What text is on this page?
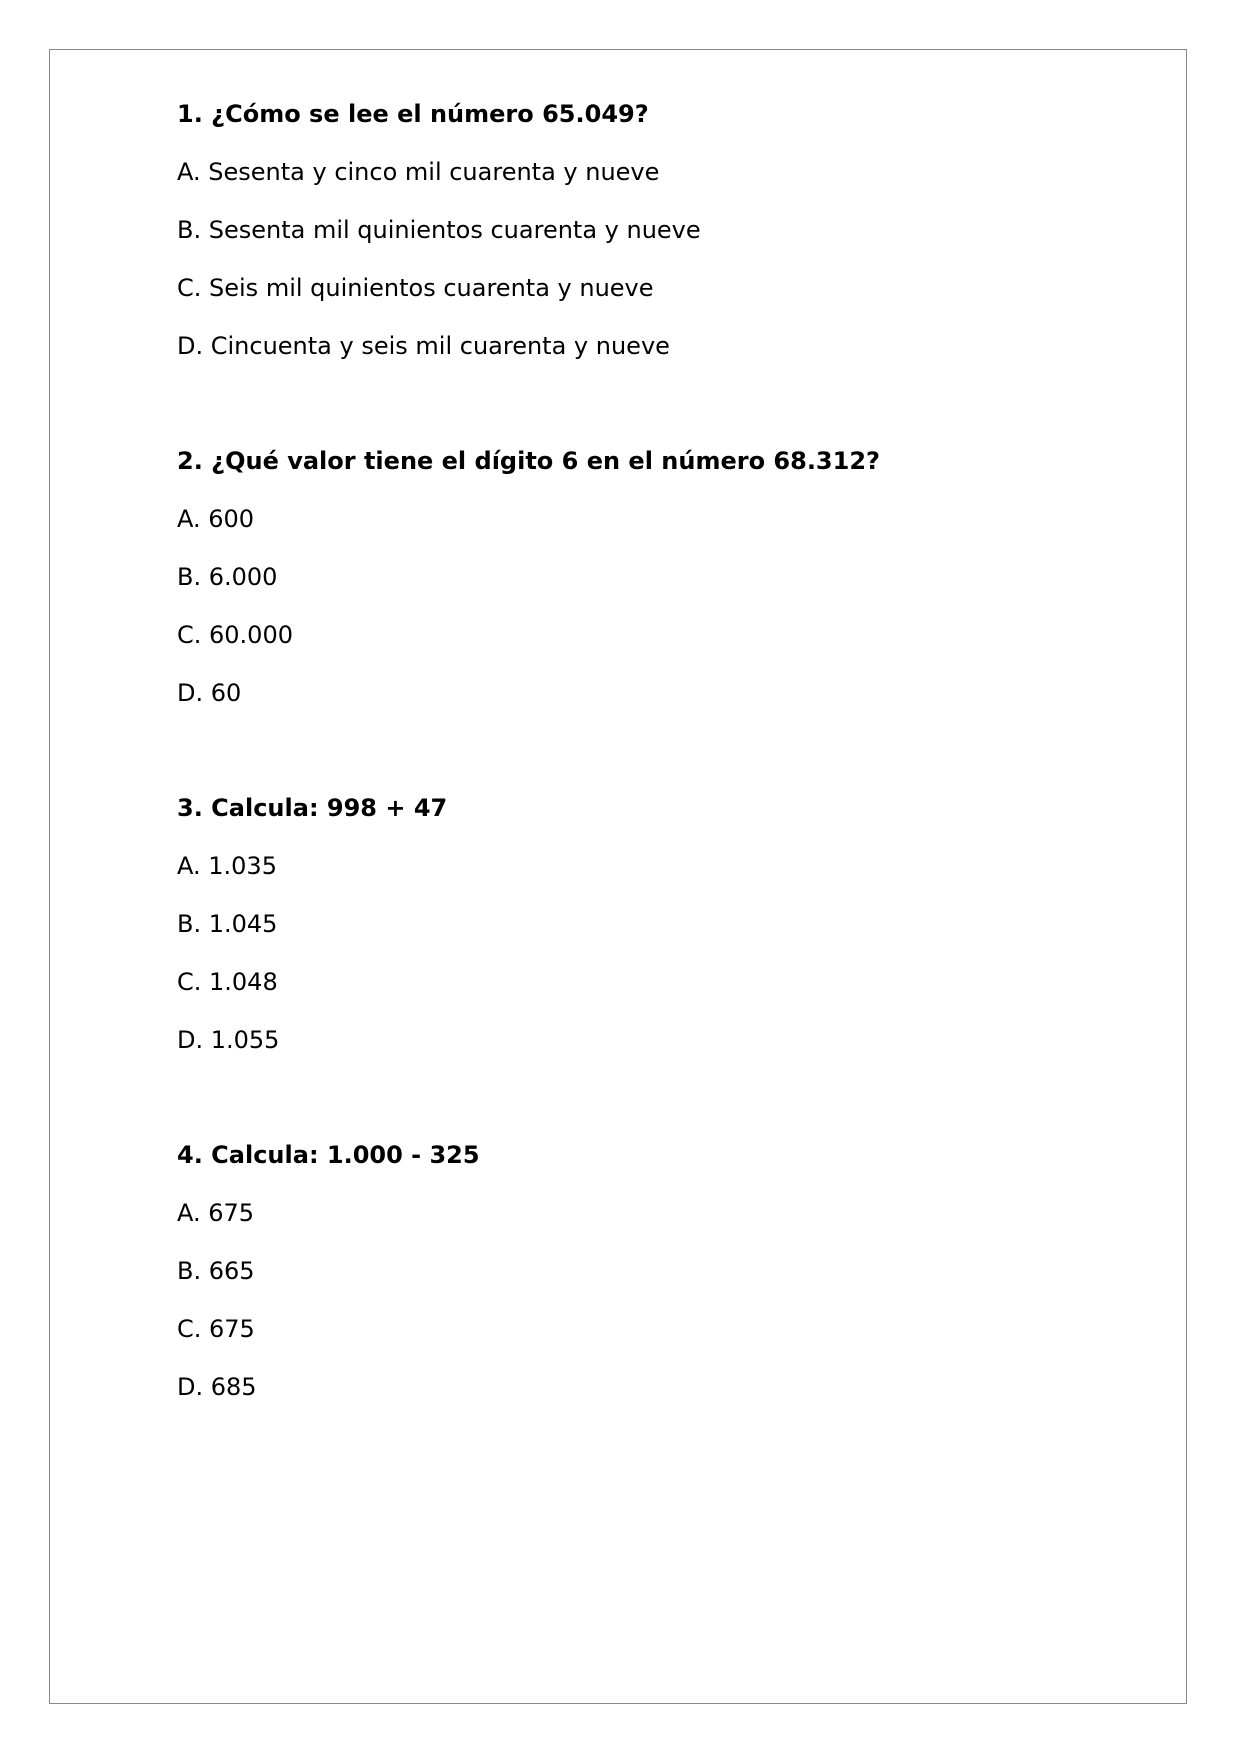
1. ¿Cómo se lee el número 65.049?
A. Sesenta y cinco mil cuarenta y nueve
B. Sesenta mil quinientos cuarenta y nueve
C. Seis mil quinientos cuarenta y nueve
D. Cincuenta y seis mil cuarenta y nueve
2. ¿Qué valor tiene el dígito 6 en el número 68.312?
A. 600
B. 6.000
C. 60.000
D. 60
3. Calcula: 998 + 47
A. 1.035
B. 1.045
C. 1.048
D. 1.055
4. Calcula: 1.000 - 325
A. 675
B. 665
C. 675
D. 685
